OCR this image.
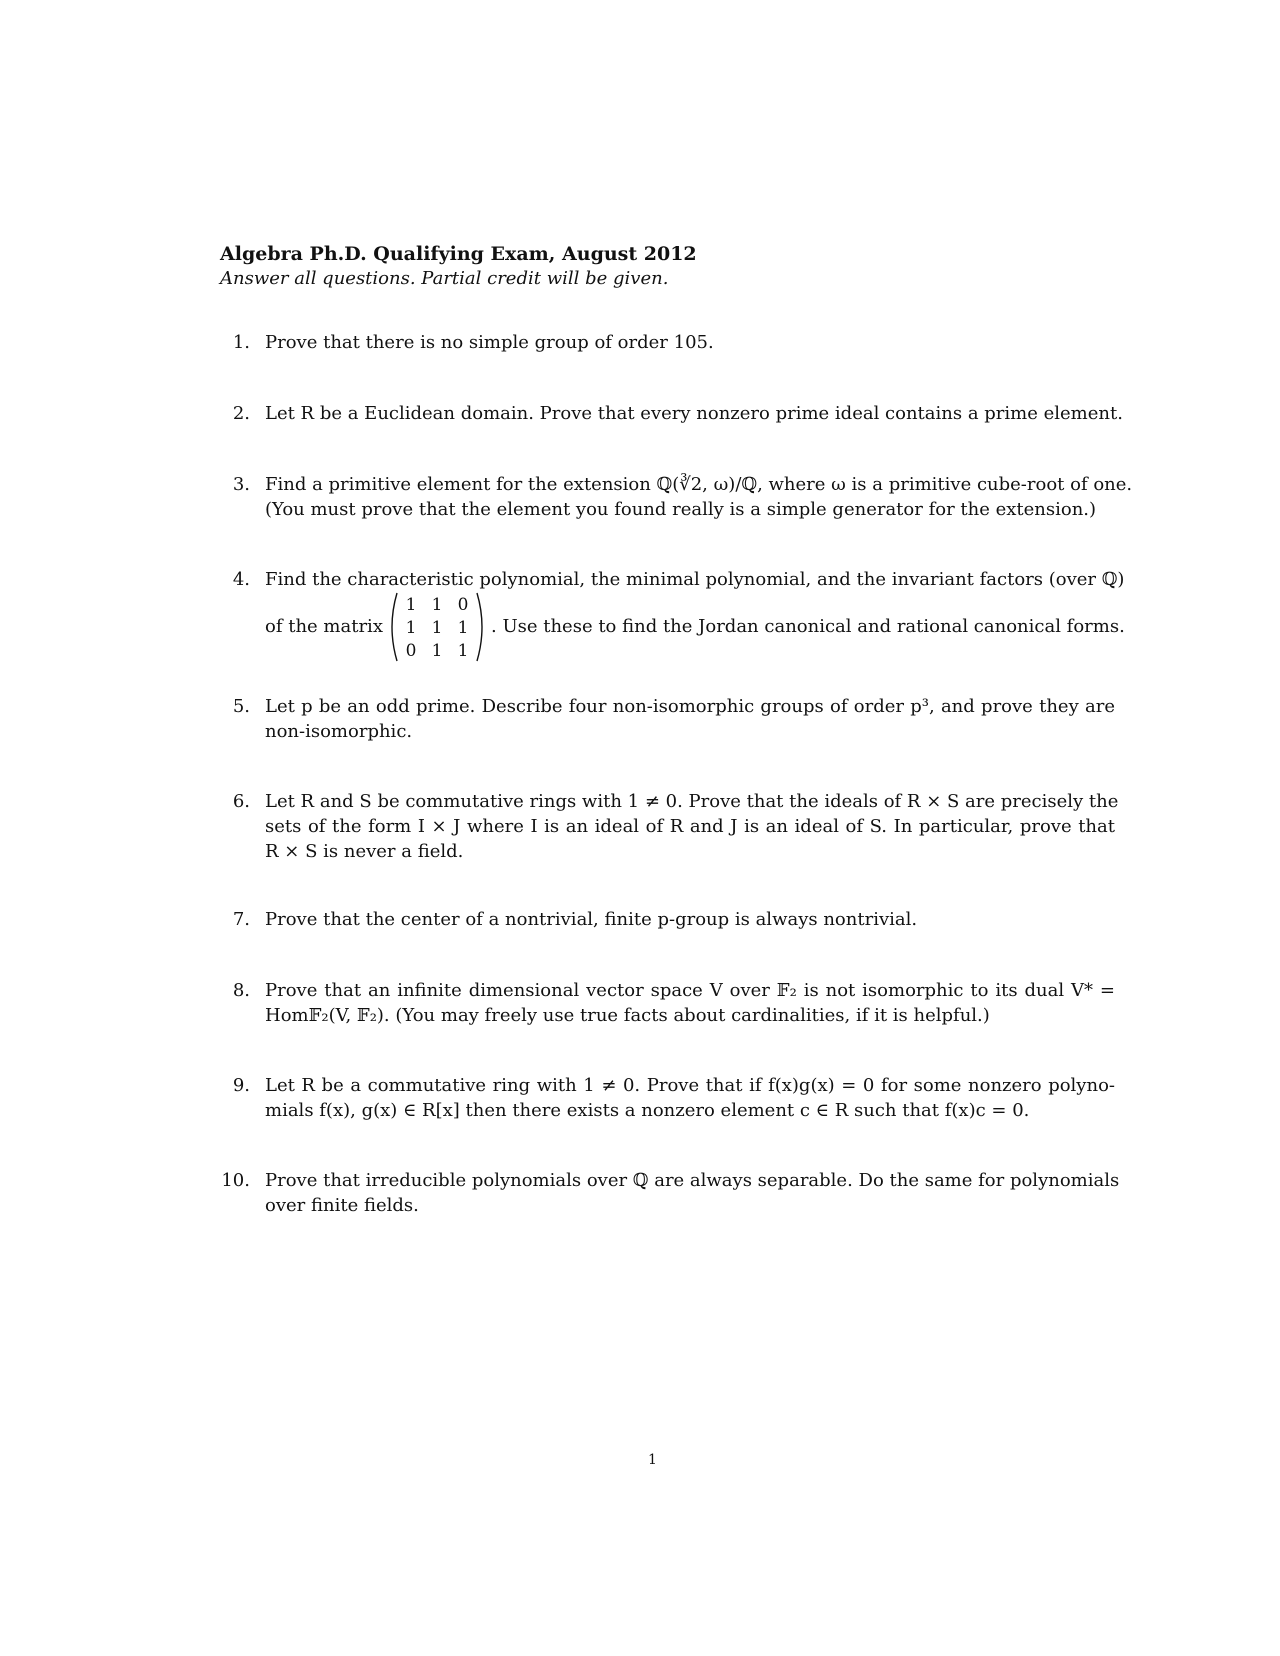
Algebra Ph.D. Qualifying Exam, August 2012
Answer all questions. Partial credit will be given.
1. Prove that there is no simple group of order 105.
2. Let R be a Euclidean domain. Prove that every nonzero prime ideal contains a prime element.
3. Find a primitive element for the extension ℚ(∛2, ω)/ℚ, where ω is a primitive cube-root of one.
(You must prove that the element you found really is a simple generator for the extension.)
4. Find the characteristic polynomial, the minimal polynomial, and the invariant factors (over ℚ)
of the matrix
1 1 0
1 1 1
0 1 1
. Use these to find the Jordan canonical and rational canonical forms.
5. Let p be an odd prime. Describe four non-isomorphic groups of order p³, and prove they are
non-isomorphic.
6. Let R and S be commutative rings with 1 ≠ 0. Prove that the ideals of R × S are precisely the
sets of the form I × J where I is an ideal of R and J is an ideal of S. In particular, prove that
R × S is never a field.
7. Prove that the center of a nontrivial, finite p-group is always nontrivial.
8. Prove that an infinite dimensional vector space V over 𝔽₂ is not isomorphic to its dual V* =
Hom𝔽₂(V, 𝔽₂). (You may freely use true facts about cardinalities, if it is helpful.)
9. Let R be a commutative ring with 1 ≠ 0. Prove that if f(x)g(x) = 0 for some nonzero polyno-
mials f(x), g(x) ∈ R[x] then there exists a nonzero element c ∈ R such that f(x)c = 0.
10. Prove that irreducible polynomials over ℚ are always separable. Do the same for polynomials
over finite fields.
1
